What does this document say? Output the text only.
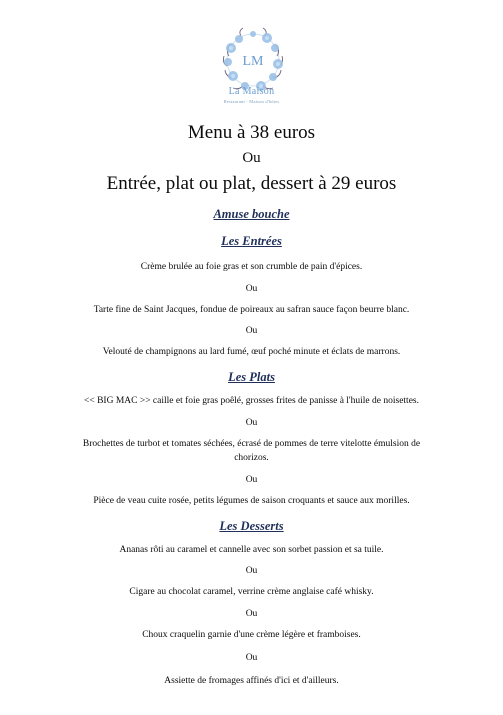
LM
La Maison
Restaurant - Maison d'hôtes
Menu à 38 euros
Ou
Entrée, plat ou plat, dessert à 29 euros
Amuse bouche
Les Entrées
Crème brulée au foie gras et son crumble de pain d'épices.
Ou
Tarte fine de Saint Jacques, fondue de poireaux au safran sauce façon beurre blanc.
Ou
Velouté de champignons au lard fumé, œuf poché minute et éclats de marrons.
Les Plats
<< BIG MAC >> caille et foie gras poêlé, grosses frites de panisse à l'huile de noisettes.
Ou
Brochettes de turbot et tomates séchées, écrasé de pommes de terre vitelotte émulsion de
chorizos.
Ou
Pièce de veau cuite rosée, petits légumes de saison croquants et sauce aux morilles.
Les Desserts
Ananas rôti au caramel et cannelle avec son sorbet passion et sa tuile.
Ou
Cigare au chocolat caramel, verrine crème anglaise café whisky.
Ou
Choux craquelin garnie d'une crème légère et framboises.
Ou
Assiette de fromages affinés d'ici et d'ailleurs.
